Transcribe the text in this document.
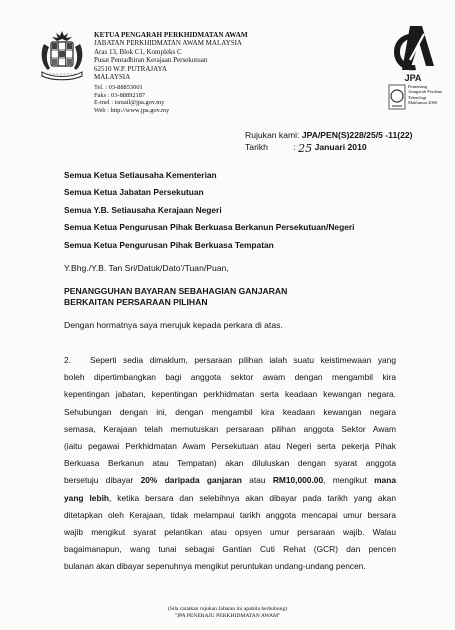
KETUA PENGARAH PERKHIDMATAN AWAM
JABATAN PERKHIDMATAN AWAM MALAYSIA
Aras 13, Blok C1, Kompleks C
Pusat Pentadbiran Kerajaan Persekutuan
62510 W.P. PUTRAJAYA
MALAYSIA
Tel. : 03-88853001
Faks : 03-88892187
E-mel : ismail@jpa.gov.my
Web : http://www.jpa.gov.my
JPA
Pemenang
Anugerah Perdana
Teknologi
Maklumat 2000
Rujukan kami: JPA/PEN(S)228/25/5 -11(22)
Tarikh	: 25 Januari 2010
Semua Ketua Setiausaha Kementerian
Semua Ketua Jabatan Persekutuan
Semua Y.B. Setiausaha Kerajaan Negeri
Semua Ketua Pengurusan Pihak Berkuasa Berkanun Persekutuan/Negeri
Semua Ketua Pengurusan Pihak Berkuasa Tempatan
Y.Bhg./Y.B. Tan Sri/Datuk/Dato'/Tuan/Puan,
PENANGGUHAN BAYARAN SEBAHAGIAN GANJARAN
BERKAITAN PERSARAAN PILIHAN
Dengan hormatnya saya merujuk kepada perkara di atas.
2. Seperti sedia dimaklum, persaraan pilihan ialah suatu keistimewaan yang
boleh dipertimbangkan bagi anggota sektor awam dengan mengambil kira
kepentingan jabatan, kepentingan perkhidmatan serta keadaan kewangan negara.
Sehubungan dengan ini, dengan mengambil kira keadaan kewangan negara
semasa, Kerajaan telah memutuskan persaraan pilihan anggota Sektor Awam
(iaitu pegawai Perkhidmatan Awam Persekutuan atau Negeri serta pekerja Pihak
Berkuasa Berkanun atau Tempatan) akan diluluskan dengan syarat anggota
bersetuju dibayar 20% daripada ganjaran atau RM10,000.00, mengikut mana
yang lebih, ketika bersara dan selebihnya akan dibayar pada tarikh yang akan
ditetapkan oleh Kerajaan, tidak melampaui tarikh anggota mencapai umur bersara
wajib mengikut syarat pelantikan atau opsyen umur persaraan wajib. Walau
bagaimanapun, wang tunai sebagai Gantian Cuti Rehat (GCR) dan pencen
bulanan akan dibayar sepenuhnya mengikut peruntukan undang-undang pencen.
(Sila catatkan rujukan Jabatan ini apabila berhubung)
"JPA PENERAJU PERKHIDMATAN AWAM"
